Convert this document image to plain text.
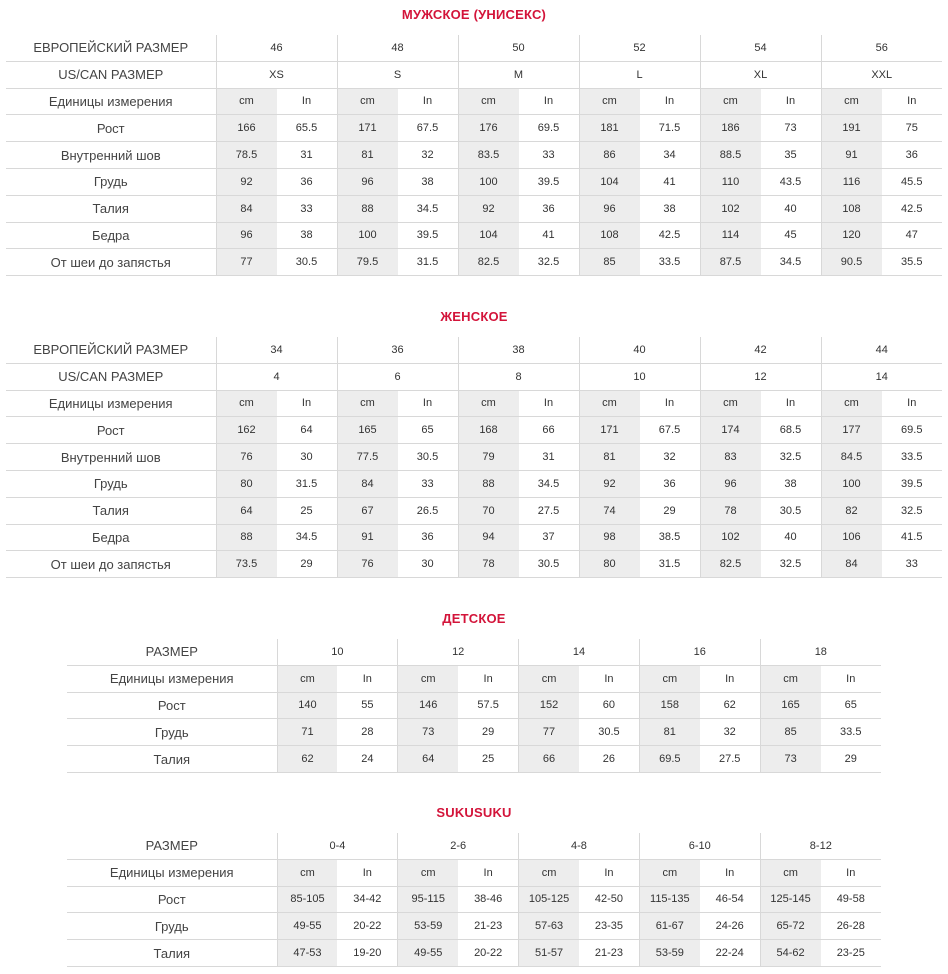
МУЖСКОЕ (УНИСЕКС)
ЖЕНСКОЕ
ДЕТСКОЕ
SUKUSUKU
ЕВРОПЕЙСКИЙ РАЗМЕР	46		48		50		52		54		56	
US/CAN РАЗМЕР	XS		S		M		L		XL		XXL	
Единицы измерения	cm	In	cm	In	cm	In	cm	In	cm	In	cm	In
Рост	166	65.5	171	67.5	176	69.5	181	71.5	186	73	191	75
Внутренний шов	78.5	31	81	32	83.5	33	86	34	88.5	35	91	36
Грудь	92	36	96	38	100	39.5	104	41	110	43.5	116	45.5
Талия	84	33	88	34.5	92	36	96	38	102	40	108	42.5
Бедра	96	38	100	39.5	104	41	108	42.5	114	45	120	47
От шеи до запястья	77	30.5	79.5	31.5	82.5	32.5	85	33.5	87.5	34.5	90.5	35.5
ЕВРОПЕЙСКИЙ РАЗМЕР	34		36		38		40		42		44	
US/CAN РАЗМЕР	4		6		8		10		12		14	
Единицы измерения	cm	In	cm	In	cm	In	cm	In	cm	In	cm	In
Рост	162	64	165	65	168	66	171	67.5	174	68.5	177	69.5
Внутренний шов	76	30	77.5	30.5	79	31	81	32	83	32.5	84.5	33.5
Грудь	80	31.5	84	33	88	34.5	92	36	96	38	100	39.5
Талия	64	25	67	26.5	70	27.5	74	29	78	30.5	82	32.5
Бедра	88	34.5	91	36	94	37	98	38.5	102	40	106	41.5
От шеи до запястья	73.5	29	76	30	78	30.5	80	31.5	82.5	32.5	84	33
РАЗМЕР	10		12		14		16		18	
Единицы измерения	cm	In	cm	In	cm	In	cm	In	cm	In
Рост	140	55	146	57.5	152	60	158	62	165	65
Грудь	71	28	73	29	77	30.5	81	32	85	33.5
Талия	62	24	64	25	66	26	69.5	27.5	73	29
РАЗМЕР	0-4		2-6		4-8		6-10		8-12	
Единицы измерения	cm	In	cm	In	cm	In	cm	In	cm	In
Рост	85-105	34-42	95-115	38-46	105-125	42-50	115-135	46-54	125-145	49-58
Грудь	49-55	20-22	53-59	21-23	57-63	23-35	61-67	24-26	65-72	26-28
Талия	47-53	19-20	49-55	20-22	51-57	21-23	53-59	22-24	54-62	23-25
